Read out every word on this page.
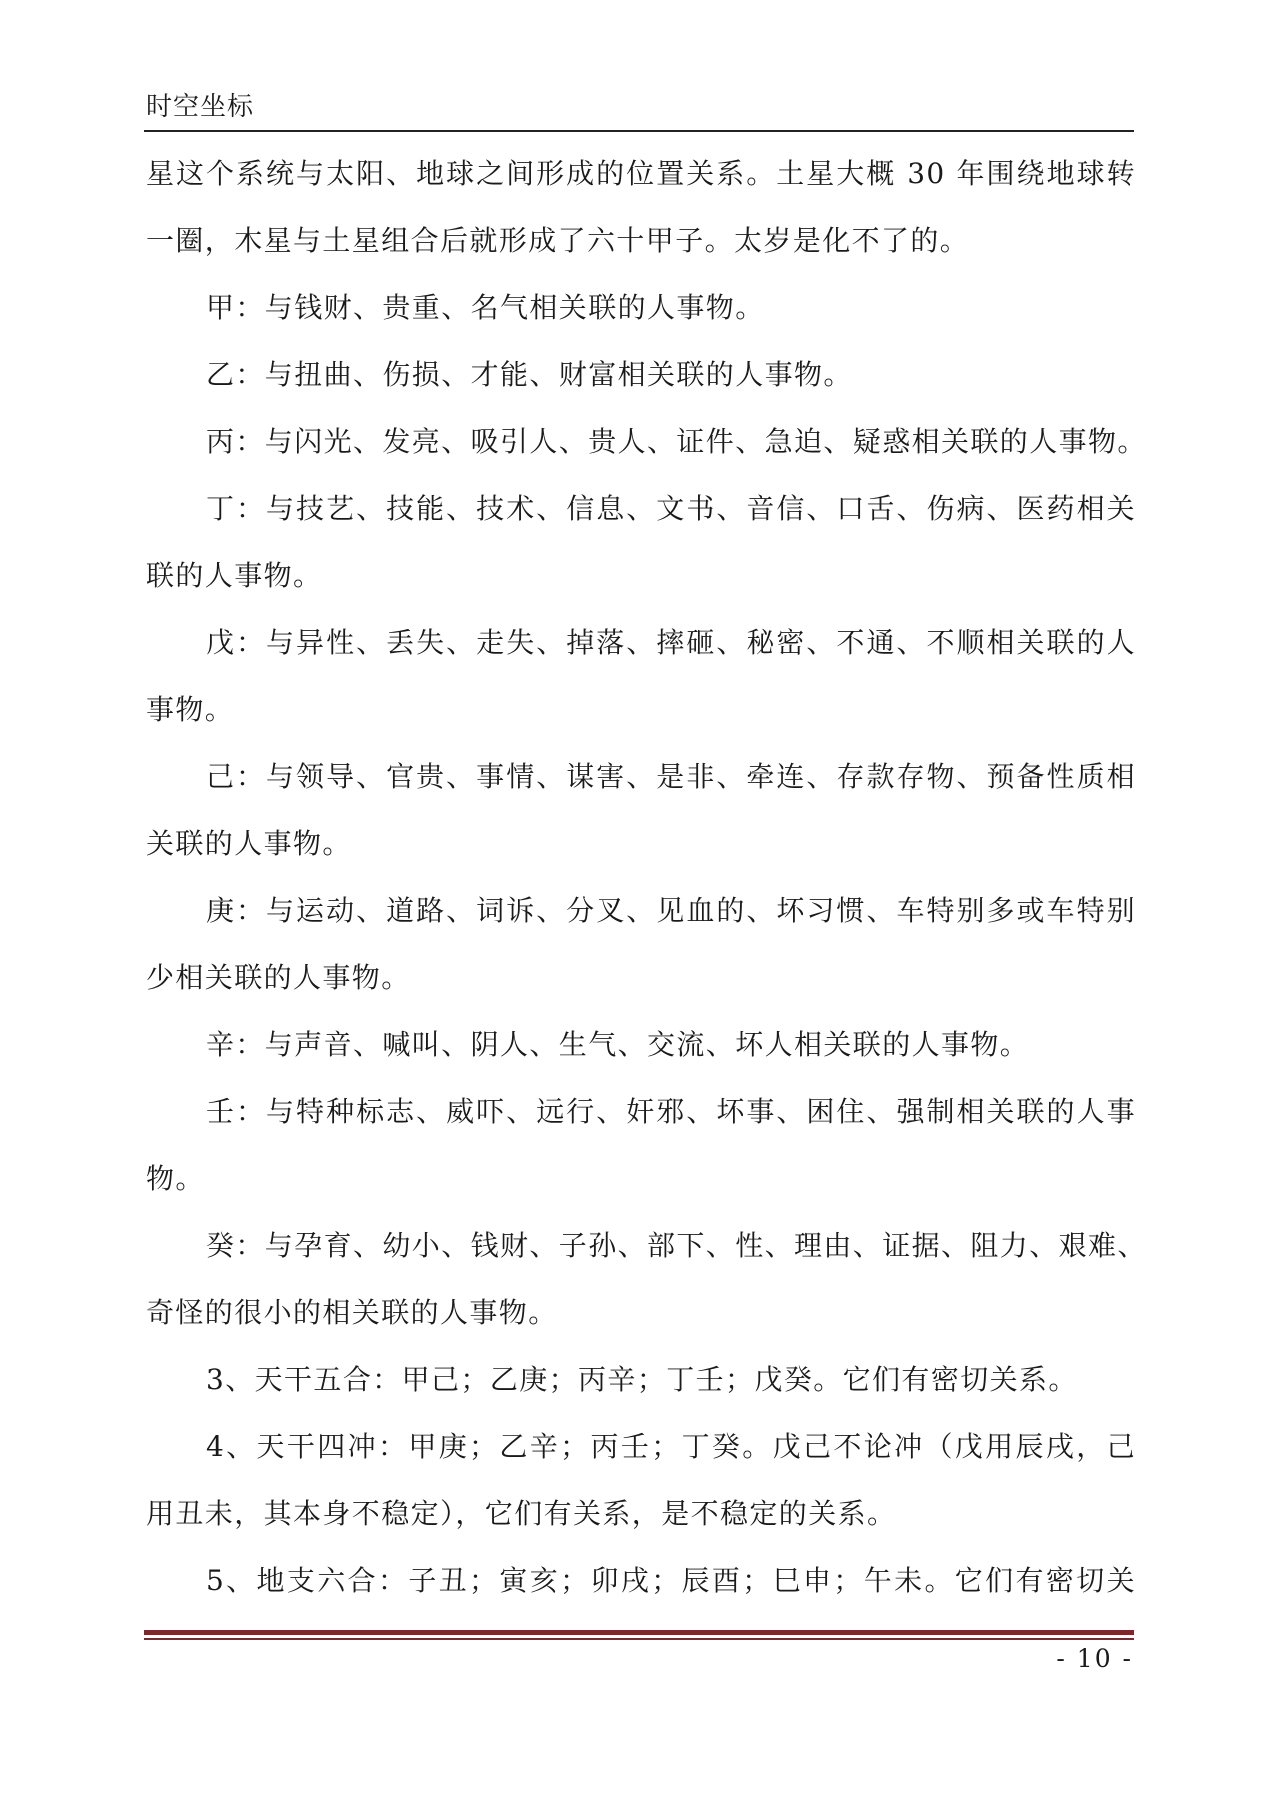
时空坐标
星这个系统与太阳、地球之间形成的位置关系。土星大概 30 年围绕地球转
一圈，木星与土星组合后就形成了六十甲子。太岁是化不了的。
甲：与钱财、贵重、名气相关联的人事物。
乙：与扭曲、伤损、才能、财富相关联的人事物。
丙：与闪光、发亮、吸引人、贵人、证件、急迫、疑惑相关联的人事物。
丁：与技艺、技能、技术、信息、文书、音信、口舌、伤病、医药相关
联的人事物。
戊：与异性、丢失、走失、掉落、摔砸、秘密、不通、不顺相关联的人
事物。
己：与领导、官贵、事情、谋害、是非、牵连、存款存物、预备性质相
关联的人事物。
庚：与运动、道路、词诉、分叉、见血的、坏习惯、车特别多或车特别
少相关联的人事物。
辛：与声音、喊叫、阴人、生气、交流、坏人相关联的人事物。
壬：与特种标志、威吓、远行、奸邪、坏事、困住、强制相关联的人事
物。
癸：与孕育、幼小、钱财、子孙、部下、性、理由、证据、阻力、艰难、
奇怪的很小的相关联的人事物。
3、天干五合：甲己；乙庚；丙辛；丁壬；戊癸。它们有密切关系。
4、天干四冲：甲庚；乙辛；丙壬；丁癸。戊己不论冲（戊用辰戌，己
用丑未，其本身不稳定），它们有关系，是不稳定的关系。
5、地支六合：子丑；寅亥；卯戌；辰酉；巳申；午未。它们有密切关
- 10 -
